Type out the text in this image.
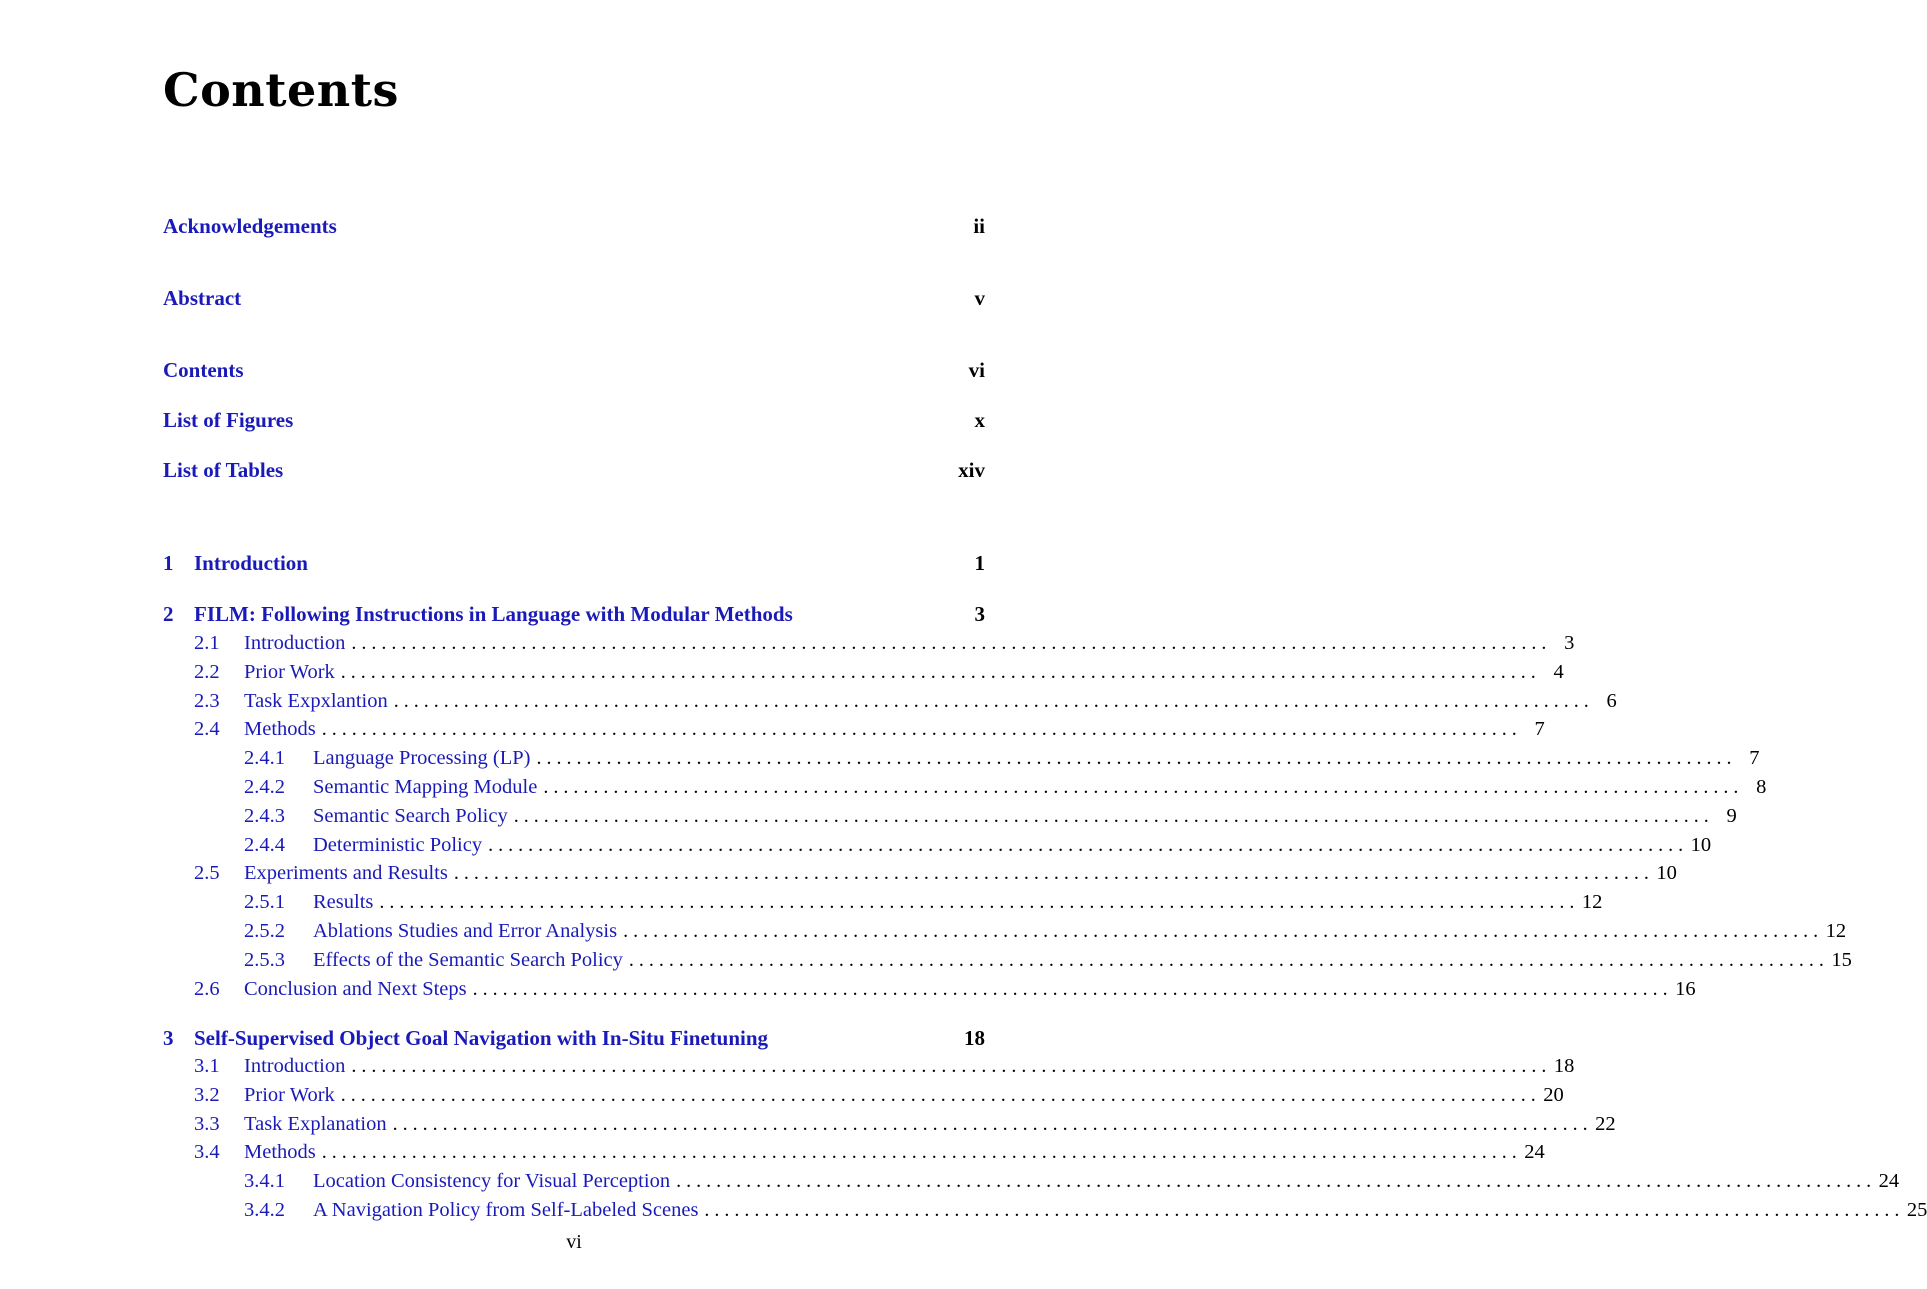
Contents
Acknowledgements	ii
Abstract	v
Contents	vi
List of Figures	x
List of Tables	xiv
1 Introduction	1
2 FILM: Following Instructions in Language with Modular Methods	3
2.1 Introduction . . . . . . . . . . . . . . . . . . . . . . . . . . . . . . . . . . . . . . . . . . . . . . . . . . . . . . . . . . . . . . . . . . . . . . . . . . . . . . . . . . . . . . . . . . . . . . . . . . . . . . . . . . . . . . . . . . . . . . . . 3
2.2 Prior Work . . . . . . . . . . . . . . . . . . . . . . . . . . . . . . . . . . . . . . . . . . . . . . . . . . . . . . . . . . . . . . . . . . . . . . . . . . . . . . . . . . . . . . . . . . . . . . . . . . . . . . . . . . . . . . . . . . . . . . . . 4
2.3 Task Expxlantion . . . . . . . . . . . . . . . . . . . . . . . . . . . . . . . . . . . . . . . . . . . . . . . . . . . . . . . . . . . . . . . . . . . . . . . . . . . . . . . . . . . . . . . . . . . . . . . . . . . . . . . . . . . . . . . . . . . . . . . . 6
2.4 Methods . . . . . . . . . . . . . . . . . . . . . . . . . . . . . . . . . . . . . . . . . . . . . . . . . . . . . . . . . . . . . . . . . . . . . . . . . . . . . . . . . . . . . . . . . . . . . . . . . . . . . . . . . . . . . . . . . . . . . . . . 7
2.4.1 Language Processing (LP) . . . . . . . . . . . . . . . . . . . . . . . . . . . . . . . . . . . . . . . . . . . . . . . . . . . . . . . . . . . . . . . . . . . . . . . . . . . . . . . . . . . . . . . . . . . . . . . . . . . . . . . . . . . . . . . . . . . . . . . . 7
2.4.2 Semantic Mapping Module . . . . . . . . . . . . . . . . . . . . . . . . . . . . . . . . . . . . . . . . . . . . . . . . . . . . . . . . . . . . . . . . . . . . . . . . . . . . . . . . . . . . . . . . . . . . . . . . . . . . . . . . . . . . . . . . . . . . . . . . 8
2.4.3 Semantic Search Policy . . . . . . . . . . . . . . . . . . . . . . . . . . . . . . . . . . . . . . . . . . . . . . . . . . . . . . . . . . . . . . . . . . . . . . . . . . . . . . . . . . . . . . . . . . . . . . . . . . . . . . . . . . . . . . . . . . . . . . . . 9
2.4.4 Deterministic Policy . . . . . . . . . . . . . . . . . . . . . . . . . . . . . . . . . . . . . . . . . . . . . . . . . . . . . . . . . . . . . . . . . . . . . . . . . . . . . . . . . . . . . . . . . . . . . . . . . . . . . . . . . . . . . . . . . . . . . . . . 10
2.5 Experiments and Results . . . . . . . . . . . . . . . . . . . . . . . . . . . . . . . . . . . . . . . . . . . . . . . . . . . . . . . . . . . . . . . . . . . . . . . . . . . . . . . . . . . . . . . . . . . . . . . . . . . . . . . . . . . . . . . . . . . . . . . . 10
2.5.1 Results . . . . . . . . . . . . . . . . . . . . . . . . . . . . . . . . . . . . . . . . . . . . . . . . . . . . . . . . . . . . . . . . . . . . . . . . . . . . . . . . . . . . . . . . . . . . . . . . . . . . . . . . . . . . . . . . . . . . . . . . 12
2.5.2 Ablations Studies and Error Analysis . . . . . . . . . . . . . . . . . . . . . . . . . . . . . . . . . . . . . . . . . . . . . . . . . . . . . . . . . . . . . . . . . . . . . . . . . . . . . . . . . . . . . . . . . . . . . . . . . . . . . . . . . . . . . . . . . . . . . . . . 12
2.5.3 Effects of the Semantic Search Policy . . . . . . . . . . . . . . . . . . . . . . . . . . . . . . . . . . . . . . . . . . . . . . . . . . . . . . . . . . . . . . . . . . . . . . . . . . . . . . . . . . . . . . . . . . . . . . . . . . . . . . . . . . . . . . . . . . . . . . . . 15
2.6 Conclusion and Next Steps . . . . . . . . . . . . . . . . . . . . . . . . . . . . . . . . . . . . . . . . . . . . . . . . . . . . . . . . . . . . . . . . . . . . . . . . . . . . . . . . . . . . . . . . . . . . . . . . . . . . . . . . . . . . . . . . . . . . . . . . 16
3 Self-Supervised Object Goal Navigation with In-Situ Finetuning	18
3.1 Introduction . . . . . . . . . . . . . . . . . . . . . . . . . . . . . . . . . . . . . . . . . . . . . . . . . . . . . . . . . . . . . . . . . . . . . . . . . . . . . . . . . . . . . . . . . . . . . . . . . . . . . . . . . . . . . . . . . . . . . . . . 18
3.2 Prior Work . . . . . . . . . . . . . . . . . . . . . . . . . . . . . . . . . . . . . . . . . . . . . . . . . . . . . . . . . . . . . . . . . . . . . . . . . . . . . . . . . . . . . . . . . . . . . . . . . . . . . . . . . . . . . . . . . . . . . . . . 20
3.3 Task Explanation . . . . . . . . . . . . . . . . . . . . . . . . . . . . . . . . . . . . . . . . . . . . . . . . . . . . . . . . . . . . . . . . . . . . . . . . . . . . . . . . . . . . . . . . . . . . . . . . . . . . . . . . . . . . . . . . . . . . . . . . 22
3.4 Methods . . . . . . . . . . . . . . . . . . . . . . . . . . . . . . . . . . . . . . . . . . . . . . . . . . . . . . . . . . . . . . . . . . . . . . . . . . . . . . . . . . . . . . . . . . . . . . . . . . . . . . . . . . . . . . . . . . . . . . . . 24
3.4.1 Location Consistency for Visual Perception . . . . . . . . . . . . . . . . . . . . . . . . . . . . . . . . . . . . . . . . . . . . . . . . . . . . . . . . . . . . . . . . . . . . . . . . . . . . . . . . . . . . . . . . . . . . . . . . . . . . . . . . . . . . . . . . . . . . . . . . 24
3.4.2 A Navigation Policy from Self-Labeled Scenes . . . . . . . . . . . . . . . . . . . . . . . . . . . . . . . . . . . . . . . . . . . . . . . . . . . . . . . . . . . . . . . . . . . . . . . . . . . . . . . . . . . . . . . . . . . . . . . . . . . . . . . . . . . . . . . . . . . . . . . . 25
vi
